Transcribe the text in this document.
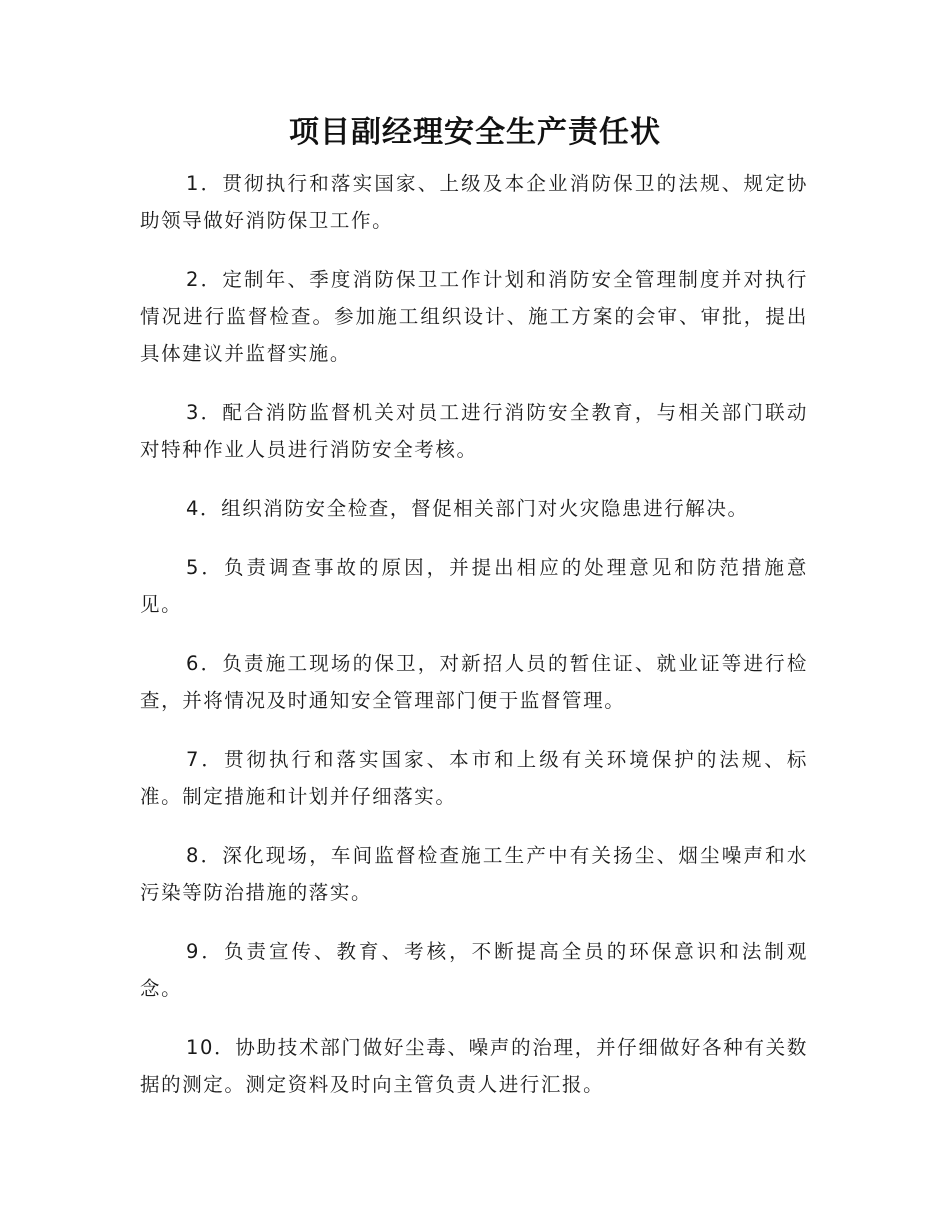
项目副经理安全生产责任状

1．贯彻执行和落实国家、上级及本企业消防保卫的法规、规定协助领导做好消防保卫工作。

2．定制年、季度消防保卫工作计划和消防安全管理制度并对执行情况进行监督检查。参加施工组织设计、施工方案的会审、审批，提出具体建议并监督实施。

3．配合消防监督机关对员工进行消防安全教育，与相关部门联动对特种作业人员进行消防安全考核。

4．组织消防安全检查，督促相关部门对火灾隐患进行解决。

5．负责调查事故的原因，并提出相应的处理意见和防范措施意见。

6．负责施工现场的保卫，对新招人员的暂住证、就业证等进行检查，并将情况及时通知安全管理部门便于监督管理。

7．贯彻执行和落实国家、本市和上级有关环境保护的法规、标准。制定措施和计划并仔细落实。

8．深化现场，车间监督检查施工生产中有关扬尘、烟尘噪声和水污染等防治措施的落实。

9．负责宣传、教育、考核，不断提高全员的环保意识和法制观念。

10．协助技术部门做好尘毒、噪声的治理，并仔细做好各种有关数据的测定。测定资料及时向主管负责人进行汇报。
